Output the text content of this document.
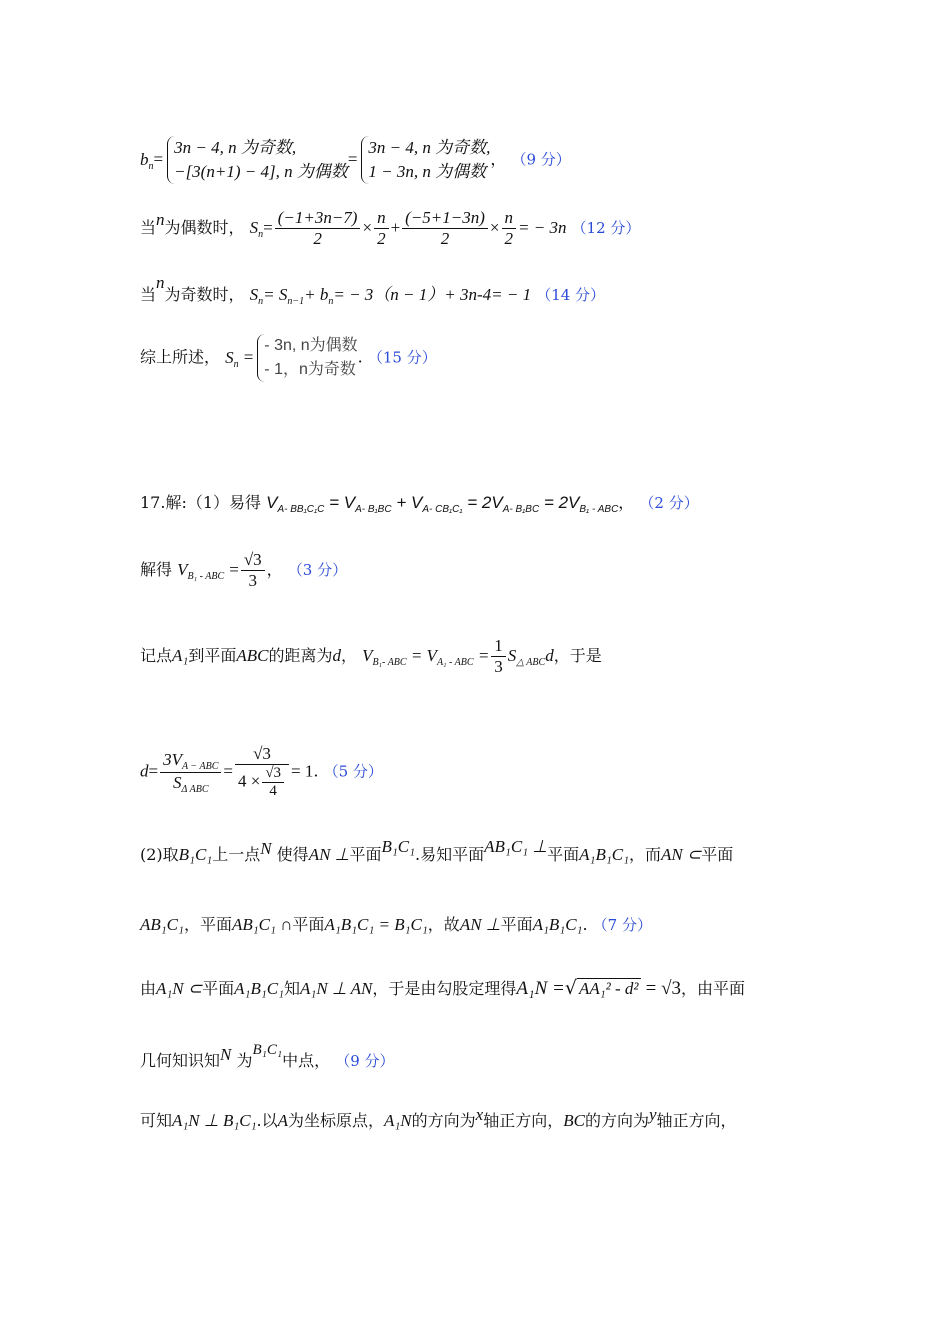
$b_n=$
3n − 4, n 为奇数,
−[3(n+1) − 4], n 为偶数
=
3n − 4, n 为奇数,
1 − 3n, n 为偶数
， （9 分）
当n为偶数时， $S_n= \frac{(-1+3n-7)}{2} \times \frac{n}{2} + \frac{(-5+1-3n)}{2} \times \frac{n}{2}$ = − 3n （12 分）
当n为奇数时， $S_n= S_{n-1}+ b_n= - 3(n - 1)+ 3n-4= - 1$ （14 分）
综上所述， $S_n$ =
- 3n, n为偶数
- 1，n为奇数
. （15 分）
17.解:（1）易得 $V_{A- BB_1C_1C} = V_{A- B_1BC} + V_{A- CB_1C_1} = 2V_{A- B_1BC} = 2V_{B_1 - ABC}$， （2 分）
解得 $V_{B_1 - ABC} = \frac{√3}{3}$ ， （3 分）
记点A₁到平面ABC的距离为d， $V_{B_1- ABC} = V_{A_1 - ABC} = \frac{1}{3} S_{\triangle ABC}d$，于是
$d= \frac{3V_{A - ABC}}{S_{\Delta ABC}} = \frac{√3}{4 \times \frac{√3}{4}} = 1$. （5 分）
(2)取B₁C₁上一点N 使得AN ⊥平面B₁C₁.易知平面AB₁C₁ ⊥平面A₁B₁C₁，而AN ⊂平面
AB₁C₁，平面AB₁C₁ ∩平面A₁B₁C₁ = B₁C₁，故AN ⊥平面A₁B₁C₁. （7 分）
由A₁N ⊂平面A₁B₁C₁知A₁N ⊥ AN，于是由勾股定理得A₁N =√ AA₁² - d² = √3，由平面
几何知识知N 为B₁C₁中点， （9 分）
可知A₁N ⊥ B₁C₁.以A为坐标原点，A₁N的方向为x轴正方向，BC的方向为y轴正方向，
